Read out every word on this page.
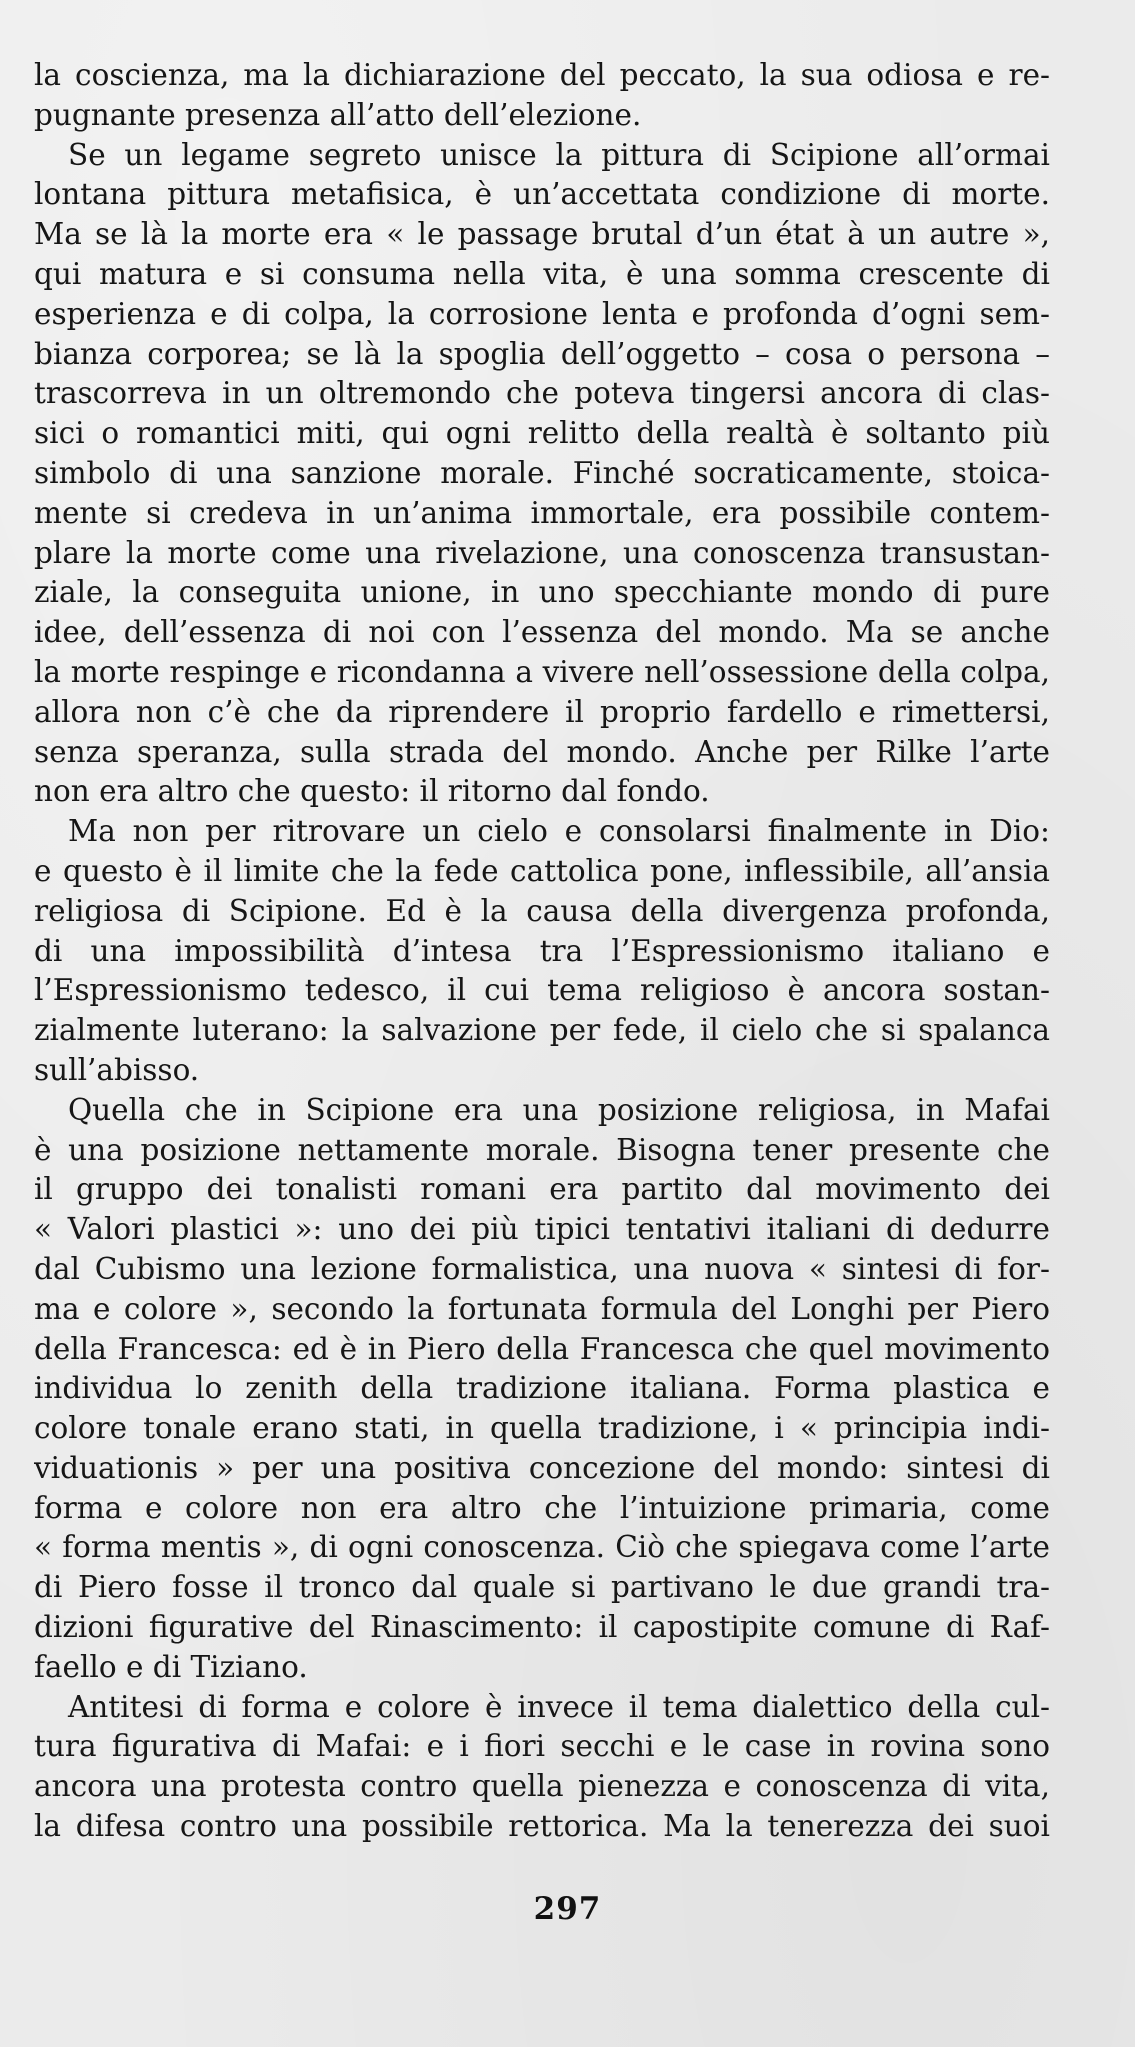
la coscienza, ma la dichiarazione del peccato, la sua odiosa e re-
pugnante presenza all’atto dell’elezione.
Se un legame segreto unisce la pittura di Scipione all’ormai
lontana pittura metafisica, è un’accettata condizione di morte.
Ma se là la morte era « le passage brutal d’un état à un autre »,
qui matura e si consuma nella vita, è una somma crescente di
esperienza e di colpa, la corrosione lenta e profonda d’ogni sem-
bianza corporea; se là la spoglia dell’oggetto – cosa o persona –
trascorreva in un oltremondo che poteva tingersi ancora di clas-
sici o romantici miti, qui ogni relitto della realtà è soltanto più
simbolo di una sanzione morale. Finché socraticamente, stoica-
mente si credeva in un’anima immortale, era possibile contem-
plare la morte come una rivelazione, una conoscenza transustan-
ziale, la conseguita unione, in uno specchiante mondo di pure
idee, dell’essenza di noi con l’essenza del mondo. Ma se anche
la morte respinge e ricondanna a vivere nell’ossessione della colpa,
allora non c’è che da riprendere il proprio fardello e rimettersi,
senza speranza, sulla strada del mondo. Anche per Rilke l’arte
non era altro che questo: il ritorno dal fondo.
Ma non per ritrovare un cielo e consolarsi finalmente in Dio:
e questo è il limite che la fede cattolica pone, inflessibile, all’ansia
religiosa di Scipione. Ed è la causa della divergenza profonda,
di una impossibilità d’intesa tra l’Espressionismo italiano e
l’Espressionismo tedesco, il cui tema religioso è ancora sostan-
zialmente luterano: la salvazione per fede, il cielo che si spalanca
sull’abisso.
Quella che in Scipione era una posizione religiosa, in Mafai
è una posizione nettamente morale. Bisogna tener presente che
il gruppo dei tonalisti romani era partito dal movimento dei
« Valori plastici »: uno dei più tipici tentativi italiani di dedurre
dal Cubismo una lezione formalistica, una nuova « sintesi di for-
ma e colore », secondo la fortunata formula del Longhi per Piero
della Francesca: ed è in Piero della Francesca che quel movimento
individua lo zenith della tradizione italiana. Forma plastica e
colore tonale erano stati, in quella tradizione, i « principia indi-
viduationis » per una positiva concezione del mondo: sintesi di
forma e colore non era altro che l’intuizione primaria, come
« forma mentis », di ogni conoscenza. Ciò che spiegava come l’arte
di Piero fosse il tronco dal quale si partivano le due grandi tra-
dizioni figurative del Rinascimento: il capostipite comune di Raf-
faello e di Tiziano.
Antitesi di forma e colore è invece il tema dialettico della cul-
tura figurativa di Mafai: e i fiori secchi e le case in rovina sono
ancora una protesta contro quella pienezza e conoscenza di vita,
la difesa contro una possibile rettorica. Ma la tenerezza dei suoi
297
